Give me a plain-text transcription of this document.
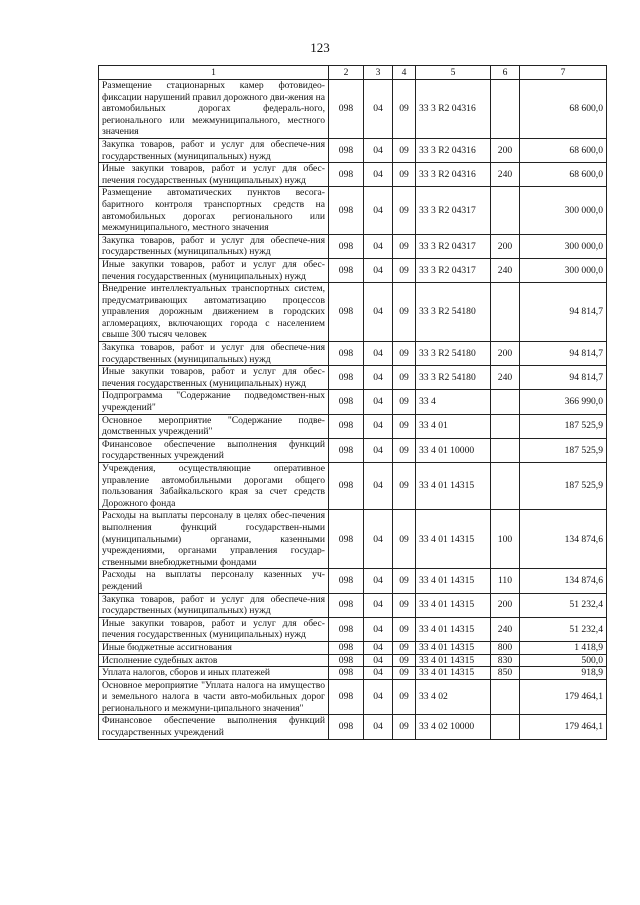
123
1	2	3	4	5	6	7
Размещение стационарных камер фотовидео-фиксации нарушений правил дорожного дви-жения на автомобильных дорогах федераль-ного, регионального или межмуниципального, местного значения	098	04	09	33 3 R2 04316		68 600,0
Закупка товаров, работ и услуг для обеспече-ния государственных (муниципальных) нужд	098	04	09	33 3 R2 04316	200	68 600,0
Иные закупки товаров, работ и услуг для обес-печения государственных (муниципальных) нужд	098	04	09	33 3 R2 04316	240	68 600,0
Размещение автоматических пунктов весога-баритного контроля транспортных средств на автомобильных дорогах регионального или межмуниципального, местного значения	098	04	09	33 3 R2 04317		300 000,0
Закупка товаров, работ и услуг для обеспече-ния государственных (муниципальных) нужд	098	04	09	33 3 R2 04317	200	300 000,0
Иные закупки товаров, работ и услуг для обес-печения государственных (муниципальных) нужд	098	04	09	33 3 R2 04317	240	300 000,0
Внедрение интеллектуальных транспортных систем, предусматривающих автоматизацию процессов управления дорожным движением в городских агломерациях, включающих города с населением свыше 300 тысяч человек	098	04	09	33 3 R2 54180		94 814,7
Закупка товаров, работ и услуг для обеспече-ния государственных (муниципальных) нужд	098	04	09	33 3 R2 54180	200	94 814,7
Иные закупки товаров, работ и услуг для обес-печения государственных (муниципальных) нужд	098	04	09	33 3 R2 54180	240	94 814,7
Подпрограмма "Содержание подведомствен-ных учреждений"	098	04	09	33 4		366 990,0
Основное мероприятие "Содержание подве-домственных учреждений"	098	04	09	33 4 01		187 525,9
Финансовое обеспечение выполнения функций государственных учреждений	098	04	09	33 4 01 10000		187 525,9
Учреждения, осуществляющие оперативное управление автомобильными дорогами общего пользования Забайкальского края за счет средств Дорожного фонда	098	04	09	33 4 01 14315		187 525,9
Расходы на выплаты персоналу в целях обес-печения выполнения функций государствен-ными (муниципальными) органами, казенными учреждениями, органами управления государ-ственными внебюджетными фондами	098	04	09	33 4 01 14315	100	134 874,6
Расходы на выплаты персоналу казенных уч-реждений	098	04	09	33 4 01 14315	110	134 874,6
Закупка товаров, работ и услуг для обеспече-ния государственных (муниципальных) нужд	098	04	09	33 4 01 14315	200	51 232,4
Иные закупки товаров, работ и услуг для обес-печения государственных (муниципальных) нужд	098	04	09	33 4 01 14315	240	51 232,4
Иные бюджетные ассигнования	098	04	09	33 4 01 14315	800	1 418,9
Исполнение судебных актов	098	04	09	33 4 01 14315	830	500,0
Уплата налогов, сборов и иных платежей	098	04	09	33 4 01 14315	850	918,9
Основное мероприятие "Уплата налога на имущество и земельного налога в части авто-мобильных дорог регионального и межмуни-ципального значения"	098	04	09	33 4 02		179 464,1
Финансовое обеспечение выполнения функций государственных учреждений	098	04	09	33 4 02 10000		179 464,1
